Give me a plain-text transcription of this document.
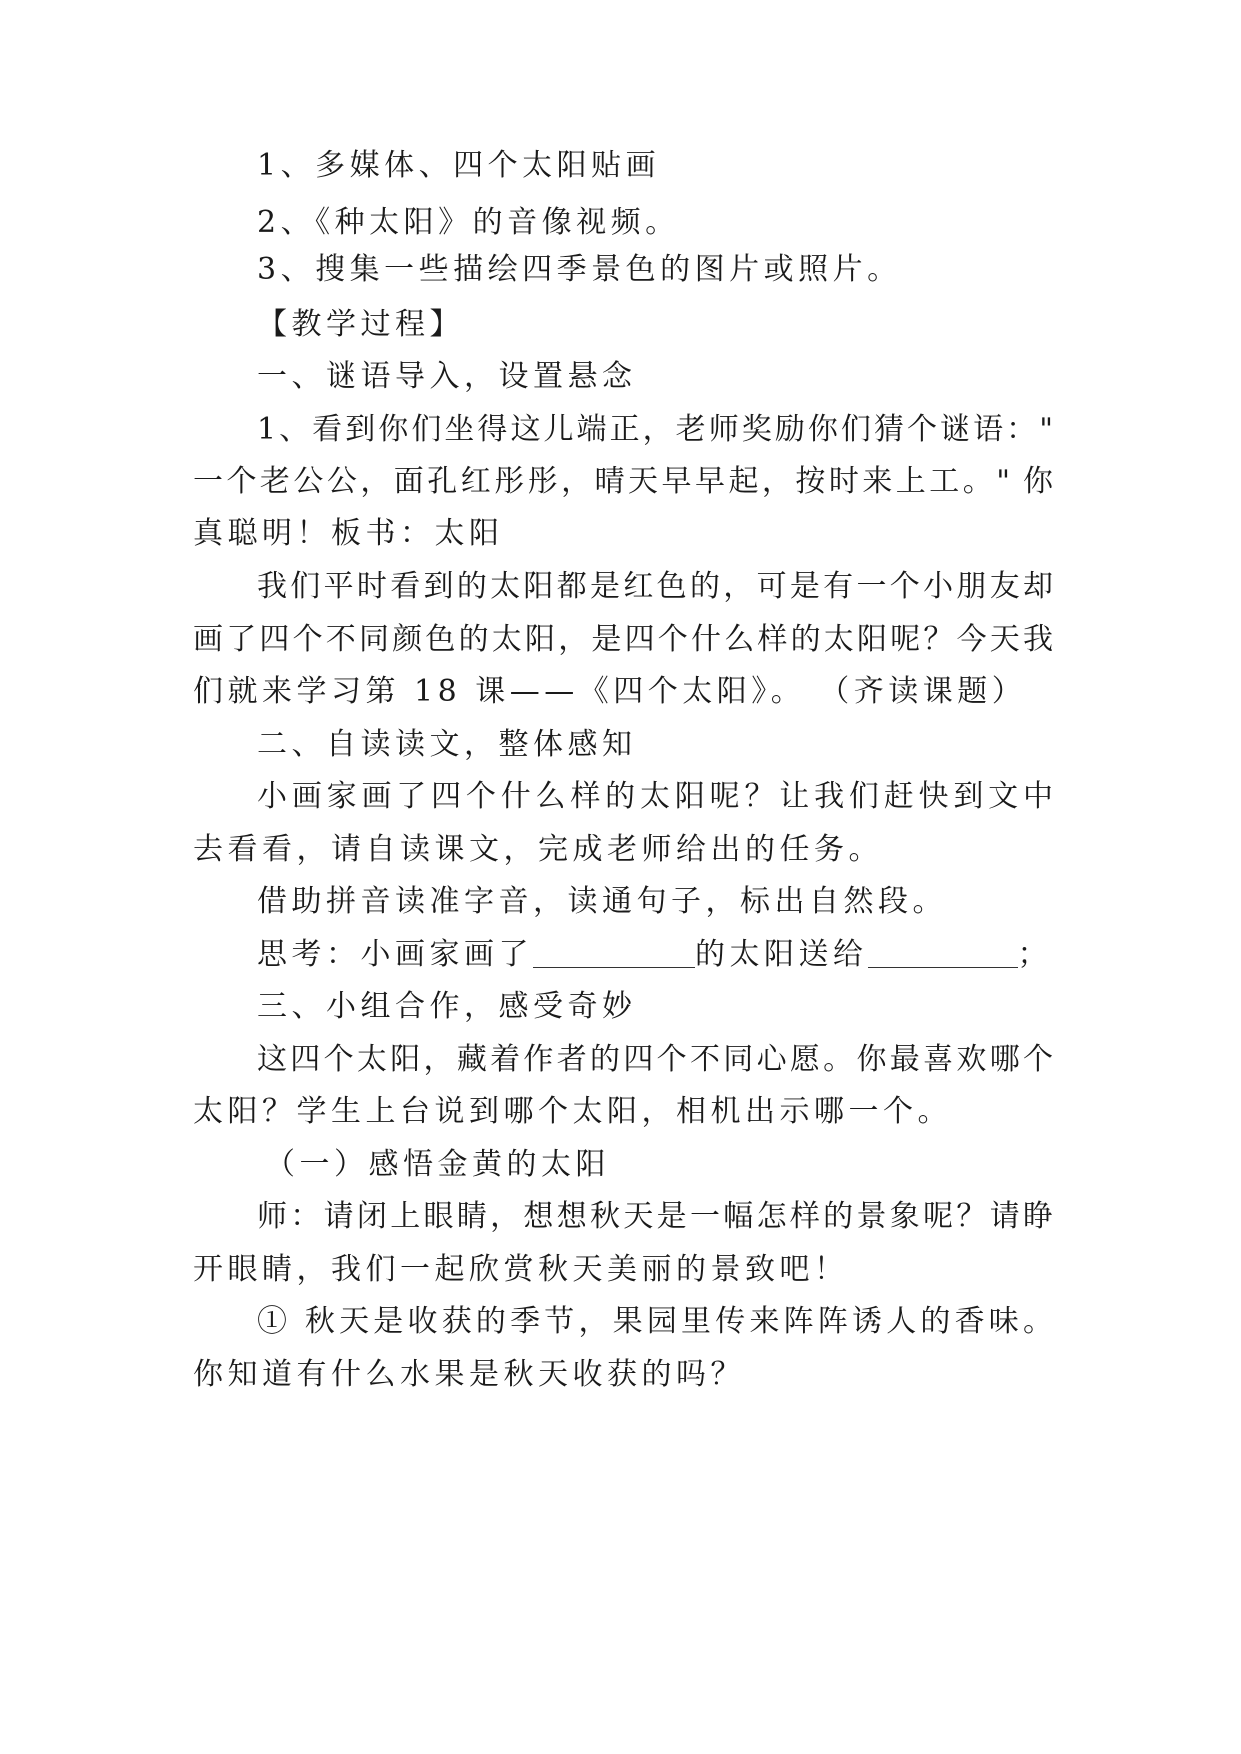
1、多媒体、四个太阳贴画
2、《种太阳》的音像视频。
3、搜集一些描绘四季景色的图片或照片。
【教学过程】
一、谜语导入，设置悬念
1、看到你们坐得这儿端正，老师奖励你们猜个谜语："
一个老公公，面孔红彤彤，晴天早早起，按时来上工。" 你
真聪明！板书：太阳
我们平时看到的太阳都是红色的，可是有一个小朋友却
画了四个不同颜色的太阳，是四个什么样的太阳呢？今天我
们就来学习第 18 课——《四个太阳》。 （齐读课题）
二、自读读文，整体感知
小画家画了四个什么样的太阳呢？让我们赶快到文中
去看看，请自读课文，完成老师给出的任务。
借助拼音读准字音，读通句子，标出自然段。
思考：小画家画了	的太阳送给	；
三、小组合作，感受奇妙
这四个太阳，藏着作者的四个不同心愿。你最喜欢哪个
太阳？学生上台说到哪个太阳，相机出示哪一个。
（一）感悟金黄的太阳
师：请闭上眼睛，想想秋天是一幅怎样的景象呢？请睁
开眼睛，我们一起欣赏秋天美丽的景致吧！
① 秋天是收获的季节，果园里传来阵阵诱人的香味。
你知道有什么水果是秋天收获的吗？
